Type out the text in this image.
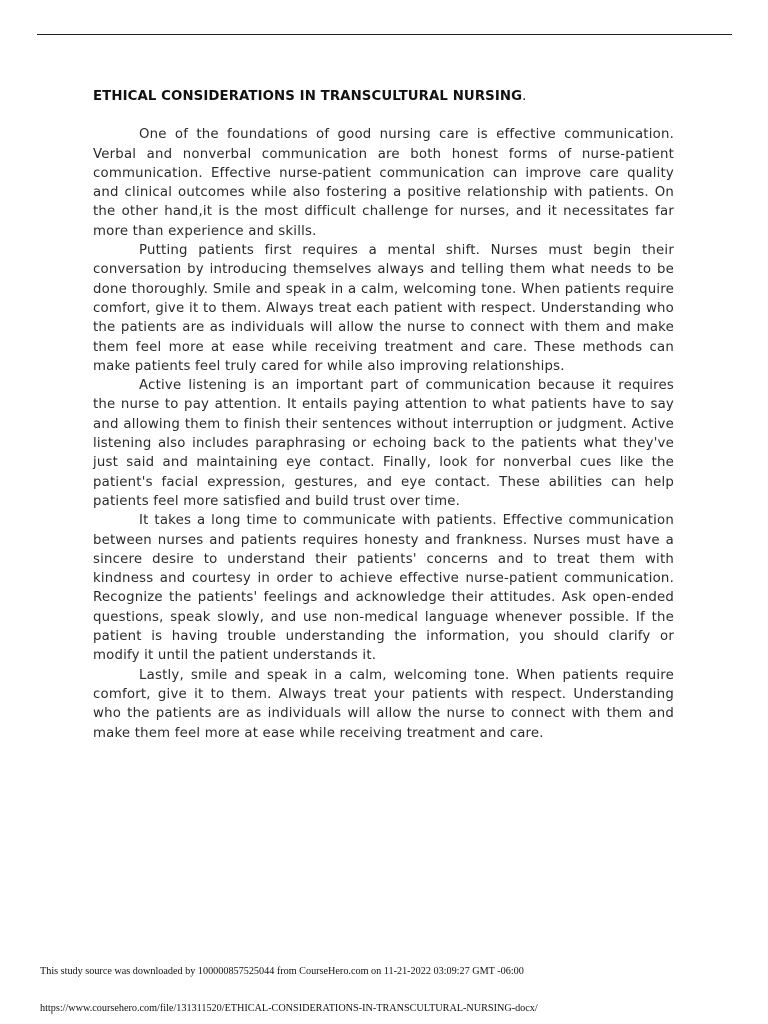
ETHICAL CONSIDERATIONS IN TRANSCULTURAL NURSING.

One of the foundations of good nursing care is effective communication. Verbal and nonverbal communication are both honest forms of nurse-patient communication. Effective nurse-patient communication can improve care quality and clinical outcomes while also fostering a positive relationship with patients. On the other hand,it is the most difficult challenge for nurses, and it necessitates far more than experience and skills.

Putting patients first requires a mental shift. Nurses must begin their conversation by introducing themselves always and telling them what needs to be done thoroughly. Smile and speak in a calm, welcoming tone. When patients require comfort, give it to them. Always treat each patient with respect. Understanding who the patients are as individuals will allow the nurse to connect with them and make them feel more at ease while receiving treatment and care. These methods can make patients feel truly cared for while also improving relationships.

Active listening is an important part of communication because it requires the nurse to pay attention. It entails paying attention to what patients have to say and allowing them to finish their sentences without interruption or judgment. Active listening also includes paraphrasing or echoing back to the patients what they've just said and maintaining eye contact. Finally, look for nonverbal cues like the patient's facial expression, gestures, and eye contact. These abilities can help patients feel more satisfied and build trust over time.

It takes a long time to communicate with patients. Effective communication between nurses and patients requires honesty and frankness. Nurses must have a sincere desire to understand their patients' concerns and to treat them with kindness and courtesy in order to achieve effective nurse-patient communication. Recognize the patients' feelings and acknowledge their attitudes. Ask open-ended questions, speak slowly, and use non-medical language whenever possible. If the patient is having trouble understanding the information, you should clarify or modify it until the patient understands it.

Lastly, smile and speak in a calm, welcoming tone. When patients require comfort, give it to them. Always treat your patients with respect. Understanding who the patients are as individuals will allow the nurse to connect with them and make them feel more at ease while receiving treatment and care.

This study source was downloaded by 100000857525044 from CourseHero.com on 11-21-2022 03:09:27 GMT -06:00
https://www.coursehero.com/file/131311520/ETHICAL-CONSIDERATIONS-IN-TRANSCULTURAL-NURSING-docx/
